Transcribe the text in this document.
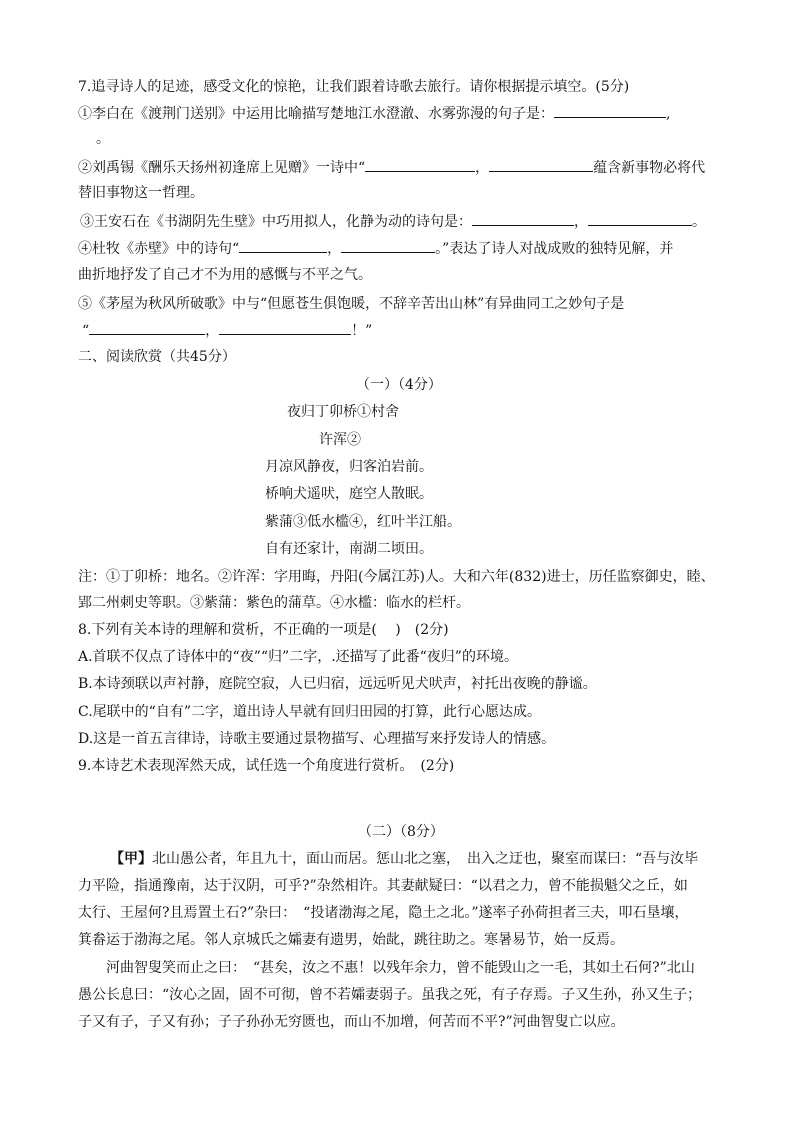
7.追寻诗人的足迹，感受文化的惊艳，让我们跟着诗歌去旅行。请你根据提示填空。(5分)
①李白在《渡荆门送别》中运用比喻描写楚地江水澄澈、水雾弥漫的句子是：	,
。
②刘禹锡《酬乐天扬州初逢席上见赠》一诗中“	，	蕴含新事物必将代
替旧事物这一哲理。
③王安石在《书湖阴先生壁》中巧用拟人，化静为动的诗句是：	，	。
④杜牧《赤壁》中的诗句“	，	。”表达了诗人对战成败的独特见解，并
曲折地抒发了自己才不为用的感慨与不平之气。
⑤《茅屋为秋风所破歌》中与“但愿苍生俱饱暖，不辞辛苦出山林”有异曲同工之妙句子是
“	，	！”
二、阅读欣赏（共45分）
（一）（4分）
夜归丁卯桥①村舍
许浑②
月凉风静夜，归客泊岩前。
桥响犬遥吠，庭空人散眠。
紫蒲③低水槛④，红叶半江船。
自有还家计，南湖二顷田。
注：①丁卯桥：地名。②许浑：字用晦，丹阳(今属江苏)人。大和六年(832)进士，历任监察御史，睦、
郢二州刺史等职。③紫蒲：紫色的蒲草。④水槛：临水的栏杆。
8.下列有关本诗的理解和赏析，不正确的一项是(　 )　(2分)
A.首联不仅点了诗体中的“夜”“归”二字，.还描写了此番“夜归”的环境。
B.本诗颈联以声衬静，庭院空寂，人已归宿，远远听见犬吠声，衬托出夜晚的静谧。
C.尾联中的“自有”二字，道出诗人早就有回归田园的打算，此行心愿达成。
D.这是一首五言律诗，诗歌主要通过景物描写、心理描写来抒发诗人的情感。
9.本诗艺术表现浑然天成，试任选一个角度进行赏析。　(2分)
（二）（8分）
【甲】北山愚公者，年且九十，面山而居。惩山北之塞，　出入之迂也，聚室而谋曰：“吾与汝毕
力平险，指通豫南，达于汉阴，可乎?”杂然相许。其妻献疑曰：“以君之力，曾不能损魁父之丘，如
太行、王屋何?且焉置土石?”杂曰：　“投诸渤海之尾，隐土之北。”遂率子孙荷担者三夫，叩石垦壤，
箕畚运于渤海之尾。邻人京城氏之孀妻有遗男，始龀，跳往助之。寒暑易节，始一反焉。
河曲智叟笑而止之曰：　“甚矣，汝之不惠！以残年余力，曾不能毁山之一毛，其如土石何?”北山
愚公长息曰：“汝心之固，固不可彻，曾不若孀妻弱子。虽我之死，有子存焉。子又生孙，孙又生子；
子又有子，子又有孙；子子孙孙无穷匮也，而山不加增，何苦而不平?”河曲智叟亡以应。
